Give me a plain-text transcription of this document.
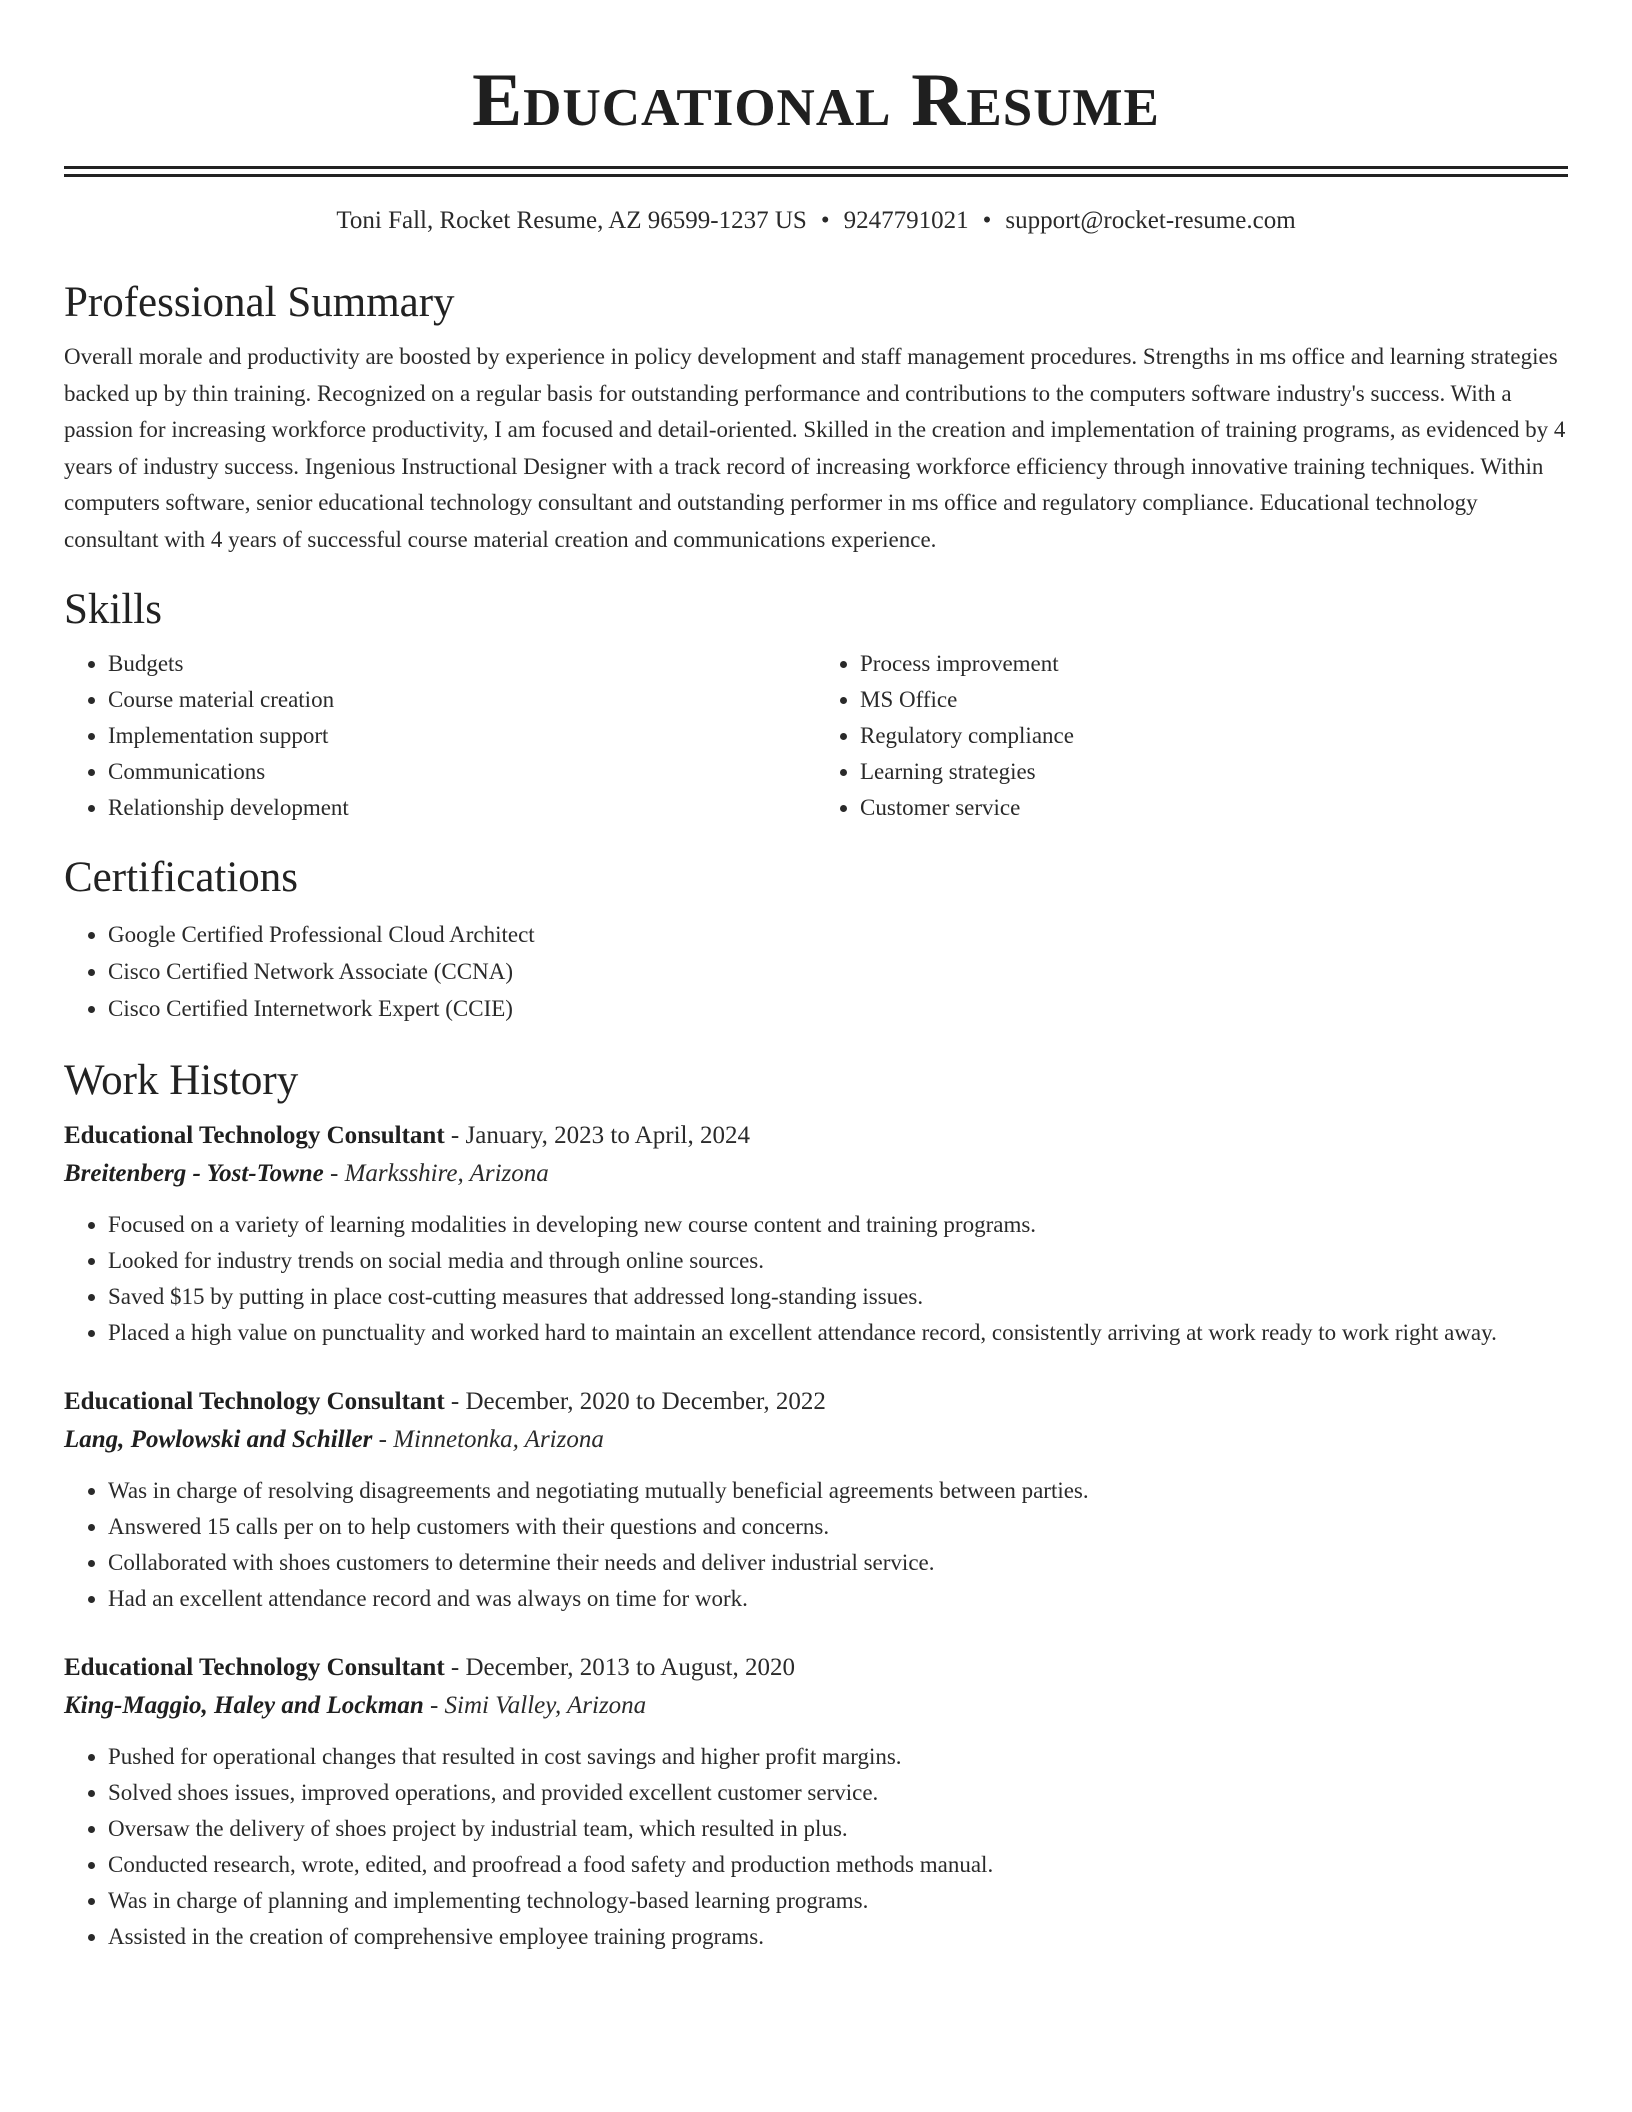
Educational Resume
Toni Fall, Rocket Resume, AZ 96599-1237 US • 9247791021 • support@rocket-resume.com
Professional Summary

Overall morale and productivity are boosted by experience in policy development and staff management procedures. Strengths in ms office and learning strategies backed up by thin training. Recognized on a regular basis for outstanding performance and contributions to the computers software industry's success. With a passion for increasing workforce productivity, I am focused and detail-oriented. Skilled in the creation and implementation of training programs, as evidenced by 4 years of industry success. Ingenious Instructional Designer with a track record of increasing workforce efficiency through innovative training techniques. Within computers software, senior educational technology consultant and outstanding performer in ms office and regulatory compliance. Educational technology consultant with 4 years of successful course material creation and communications experience.

Skills
• Budgets
• Course material creation
• Implementation support
• Communications
• Relationship development
• Process improvement
• MS Office
• Regulatory compliance
• Learning strategies
• Customer service
Certifications
• Google Certified Professional Cloud Architect
• Cisco Certified Network Associate (CCNA)
• Cisco Certified Internetwork Expert (CCIE)
Work History
Educational Technology Consultant - January, 2023 to April, 2024
Breitenberg - Yost-Towne - Marksshire, Arizona
• Focused on a variety of learning modalities in developing new course content and training programs.
• Looked for industry trends on social media and through online sources.
• Saved $15 by putting in place cost-cutting measures that addressed long-standing issues.
• Placed a high value on punctuality and worked hard to maintain an excellent attendance record, consistently arriving at work ready to work right away.
Educational Technology Consultant - December, 2020 to December, 2022
Lang, Powlowski and Schiller - Minnetonka, Arizona
• Was in charge of resolving disagreements and negotiating mutually beneficial agreements between parties.
• Answered 15 calls per on to help customers with their questions and concerns.
• Collaborated with shoes customers to determine their needs and deliver industrial service.
• Had an excellent attendance record and was always on time for work.
Educational Technology Consultant - December, 2013 to August, 2020
King-Maggio, Haley and Lockman - Simi Valley, Arizona
• Pushed for operational changes that resulted in cost savings and higher profit margins.
• Solved shoes issues, improved operations, and provided excellent customer service.
• Oversaw the delivery of shoes project by industrial team, which resulted in plus.
• Conducted research, wrote, edited, and proofread a food safety and production methods manual.
• Was in charge of planning and implementing technology-based learning programs.
• Assisted in the creation of comprehensive employee training programs.
